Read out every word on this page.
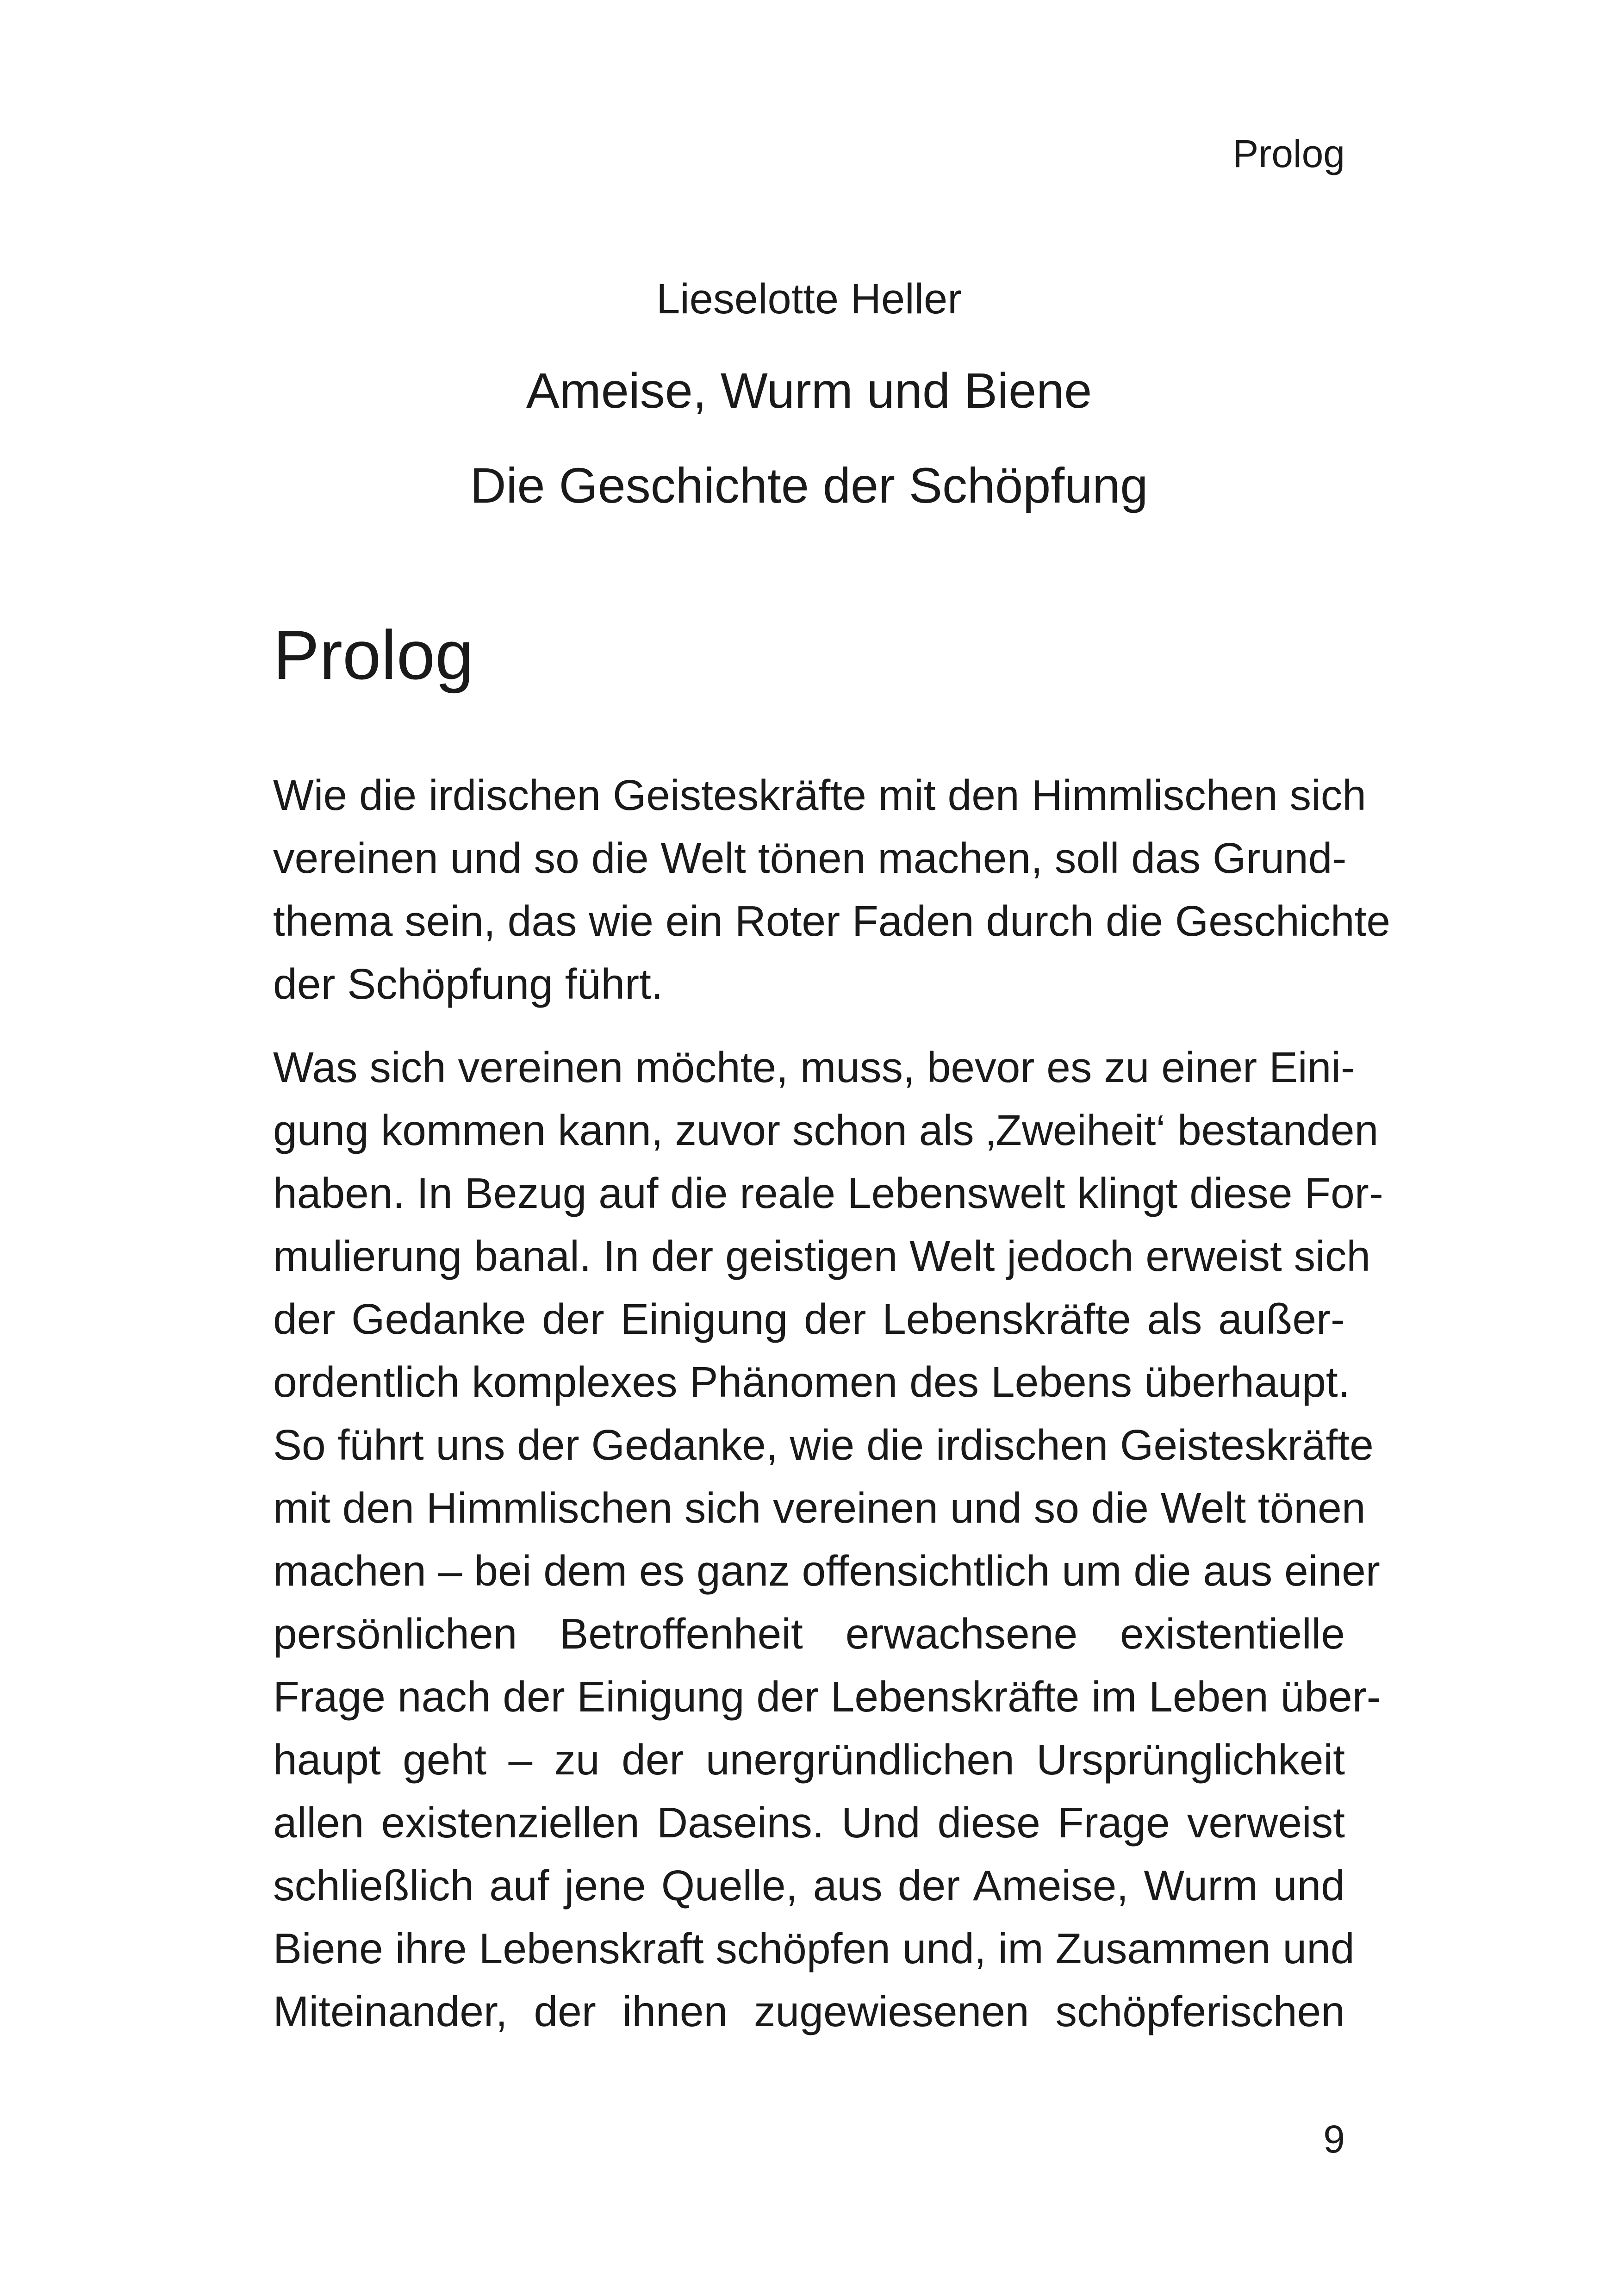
Prolog
Lieselotte Heller
Ameise, Wurm und Biene
Die Geschichte der Schöpfung
Prolog

Wie die irdischen Geisteskräfte mit den Himmlischen sich
vereinen und so die Welt tönen machen, soll das Grund-
thema sein, das wie ein Roter Faden durch die Geschichte
der Schöpfung führt.

Was sich vereinen möchte, muss, bevor es zu einer Eini-
gung kommen kann, zuvor schon als ‚Zweiheit‘ bestanden
haben. In Bezug auf die reale Lebenswelt klingt diese For-
mulierung banal. In der geistigen Welt jedoch erweist sich
der Gedanke der Einigung der Lebenskräfte als außer-
ordentlich komplexes Phänomen des Lebens überhaupt.
So führt uns der Gedanke, wie die irdischen Geisteskräfte
mit den Himmlischen sich vereinen und so die Welt tönen
machen – bei dem es ganz offensichtlich um die aus einer
persönlichen Betroffenheit erwachsene existentielle
Frage nach der Einigung der Lebenskräfte im Leben über-
haupt geht – zu der unergründlichen Ursprünglichkeit
allen existenziellen Daseins. Und diese Frage verweist
schließlich auf jene Quelle, aus der Ameise, Wurm und
Biene ihre Lebenskraft schöpfen und, im Zusammen und
Miteinander, der ihnen zugewiesenen schöpferischen

9
